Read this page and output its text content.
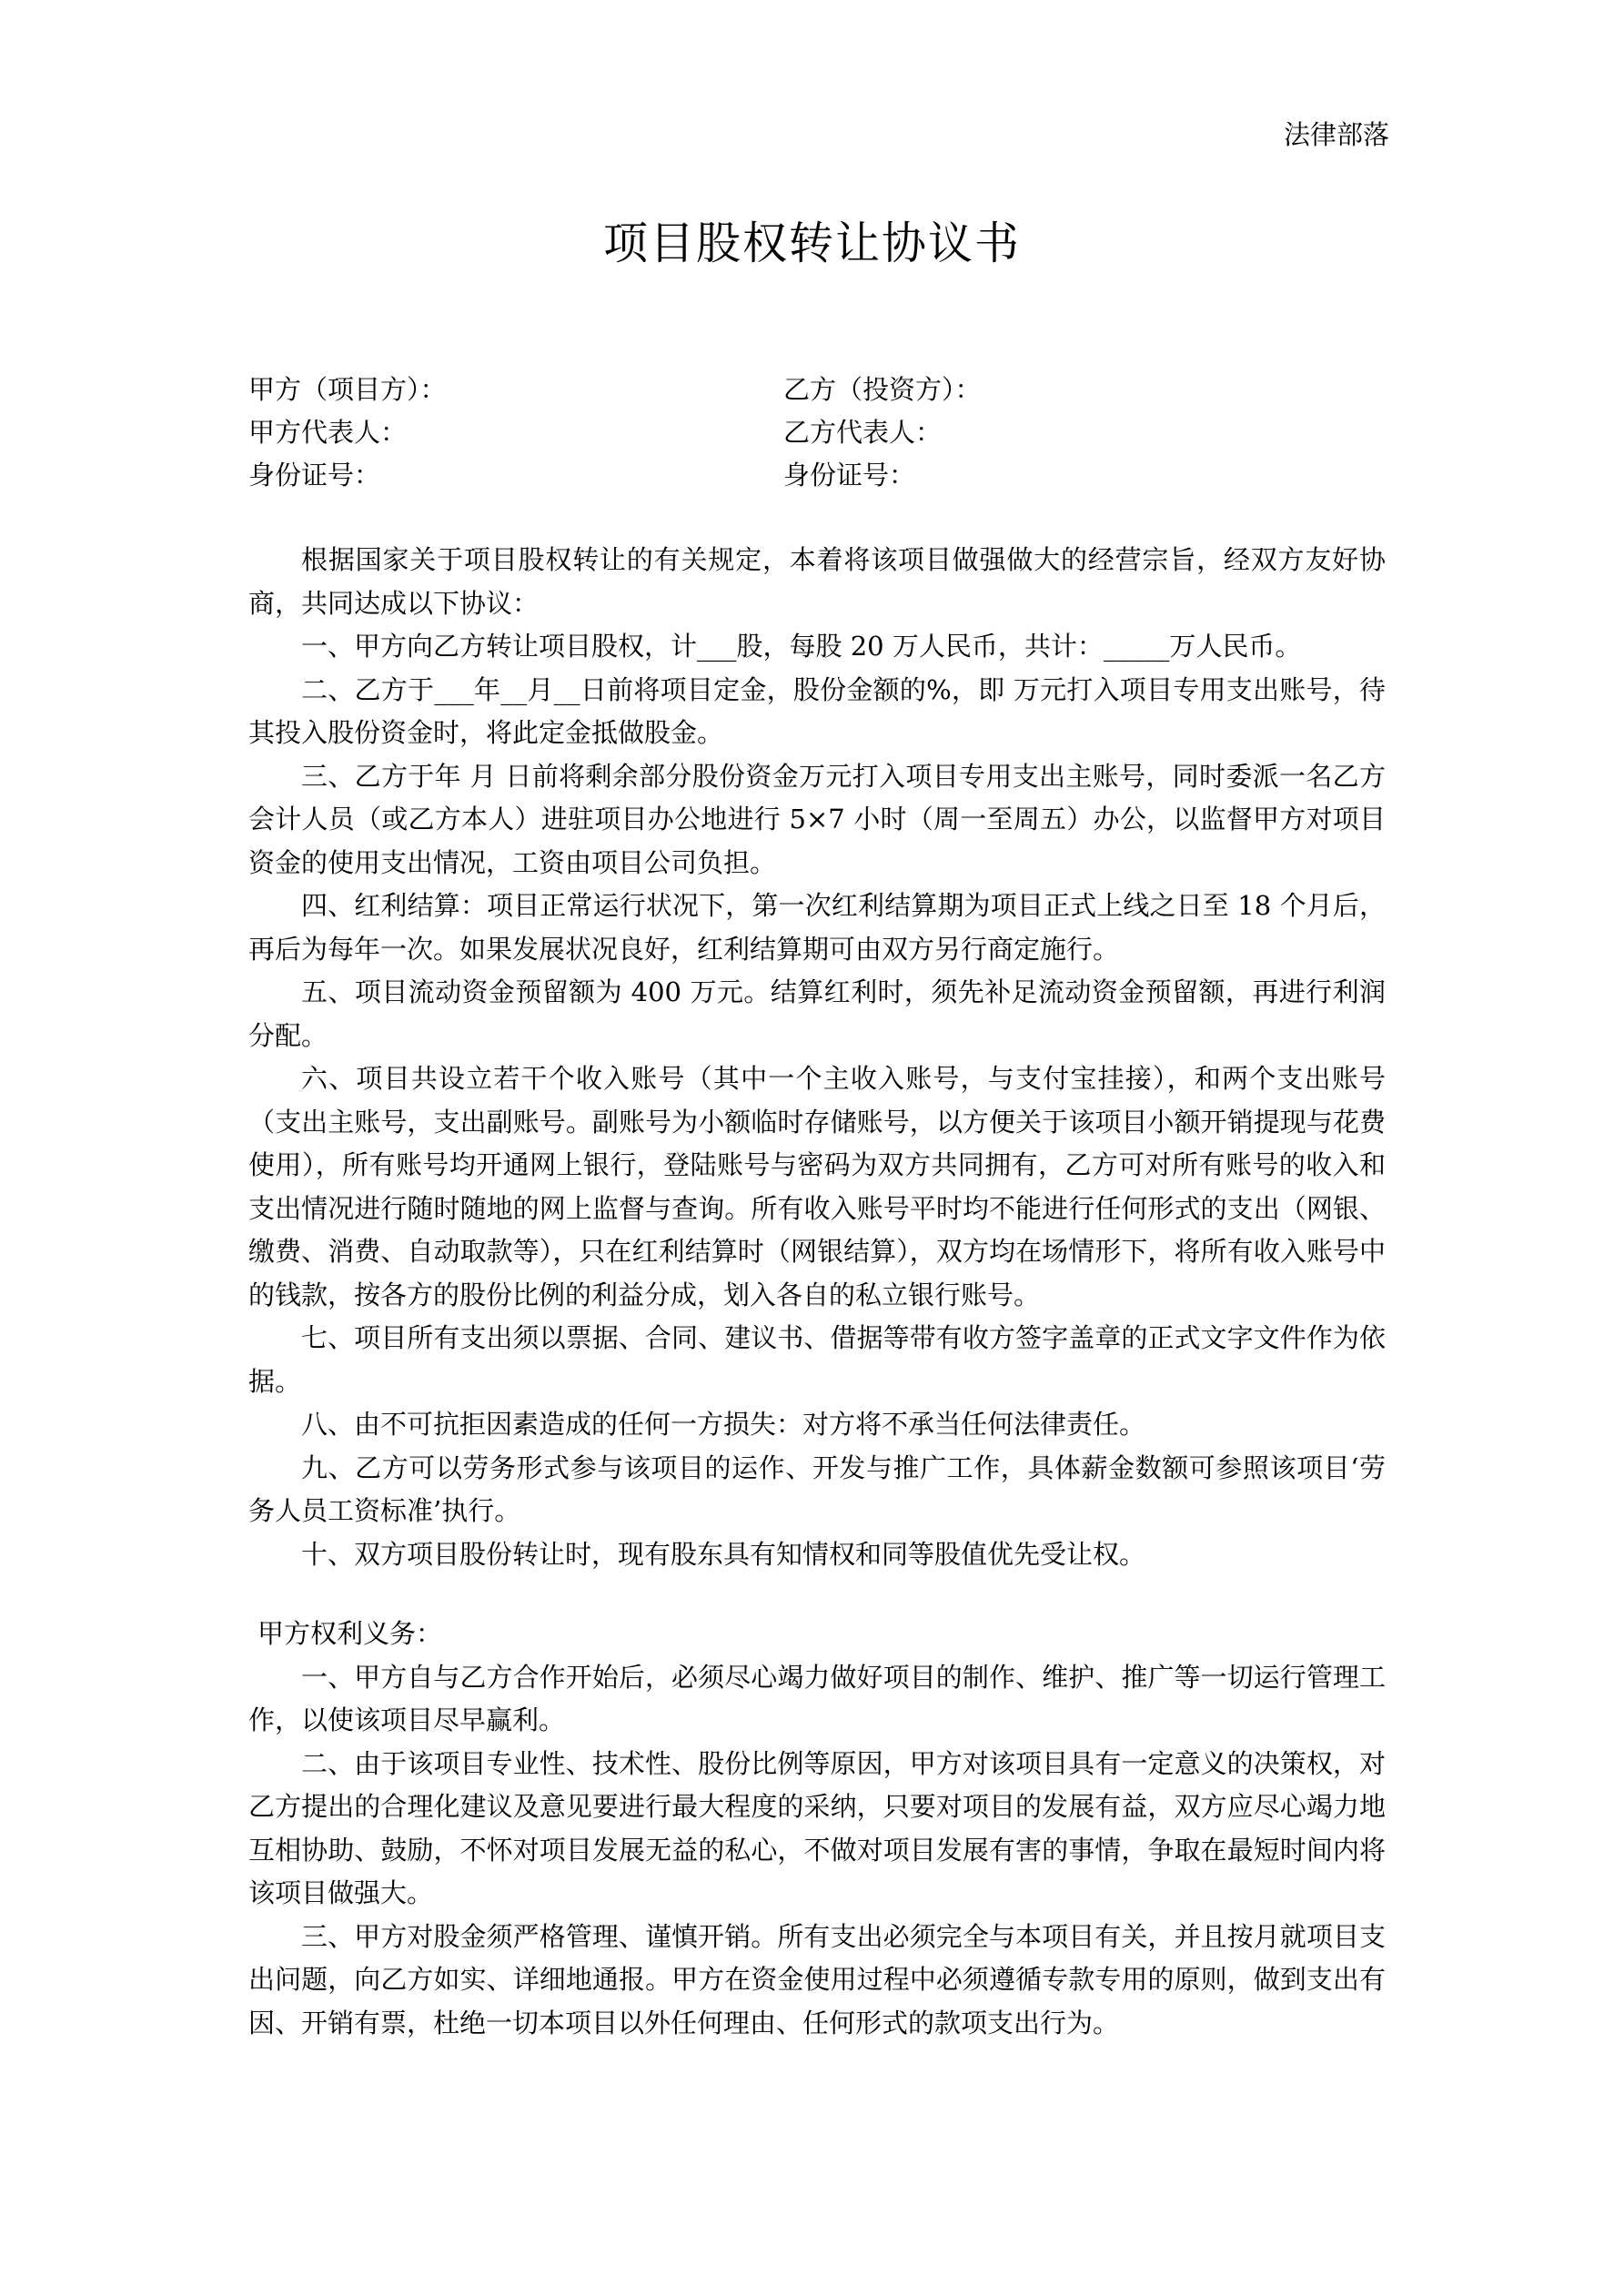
法律部落
项目股权转让协议书
甲方（项目方）：	乙方（投资方）：
甲方代表人：	乙方代表人：
身份证号：	身份证号：

根据国家关于项目股权转让的有关规定，本着将该项目做强做大的经营宗旨，经双方友好协商，共同达成以下协议：

一、甲方向乙方转让项目股权，计___股，每股 20 万人民币，共计：_____万人民币。

二、乙方于___年__月__日前将项目定金，股份金额的%，即 万元打入项目专用支出账号，待其投入股份资金时，将此定金抵做股金。

三、乙方于年 月 日前将剩余部分股份资金万元打入项目专用支出主账号，同时委派一名乙方会计人员（或乙方本人）进驻项目办公地进行 5×7 小时（周一至周五）办公，以监督甲方对项目资金的使用支出情况，工资由项目公司负担。

四、红利结算：项目正常运行状况下，第一次红利结算期为项目正式上线之日至 18 个月后，再后为每年一次。如果发展状况良好，红利结算期可由双方另行商定施行。

五、项目流动资金预留额为 400 万元。结算红利时，须先补足流动资金预留额，再进行利润分配。

六、项目共设立若干个收入账号（其中一个主收入账号，与支付宝挂接），和两个支出账号（支出主账号，支出副账号。副账号为小额临时存储账号，以方便关于该项目小额开销提现与花费使用），所有账号均开通网上银行，登陆账号与密码为双方共同拥有，乙方可对所有账号的收入和支出情况进行随时随地的网上监督与查询。所有收入账号平时均不能进行任何形式的支出（网银、缴费、消费、自动取款等），只在红利结算时（网银结算），双方均在场情形下，将所有收入账号中的钱款，按各方的股份比例的利益分成，划入各自的私立银行账号。

七、项目所有支出须以票据、合同、建议书、借据等带有收方签字盖章的正式文字文件作为依据。

八、由不可抗拒因素造成的任何一方损失：对方将不承当任何法律责任。

九、乙方可以劳务形式参与该项目的运作、开发与推广工作，具体薪金数额可参照该项目‘劳务人员工资标准’执行。

十、双方项目股份转让时，现有股东具有知情权和同等股值优先受让权。

甲方权利义务：

一、甲方自与乙方合作开始后，必须尽心竭力做好项目的制作、维护、推广等一切运行管理工作，以使该项目尽早赢利。

二、由于该项目专业性、技术性、股份比例等原因，甲方对该项目具有一定意义的决策权，对乙方提出的合理化建议及意见要进行最大程度的采纳，只要对项目的发展有益，双方应尽心竭力地互相协助、鼓励，不怀对项目发展无益的私心，不做对项目发展有害的事情，争取在最短时间内将该项目做强大。

三、甲方对股金须严格管理、谨慎开销。所有支出必须完全与本项目有关，并且按月就项目支出问题，向乙方如实、详细地通报。甲方在资金使用过程中必须遵循专款专用的原则，做到支出有因、开销有票，杜绝一切本项目以外任何理由、任何形式的款项支出行为。
